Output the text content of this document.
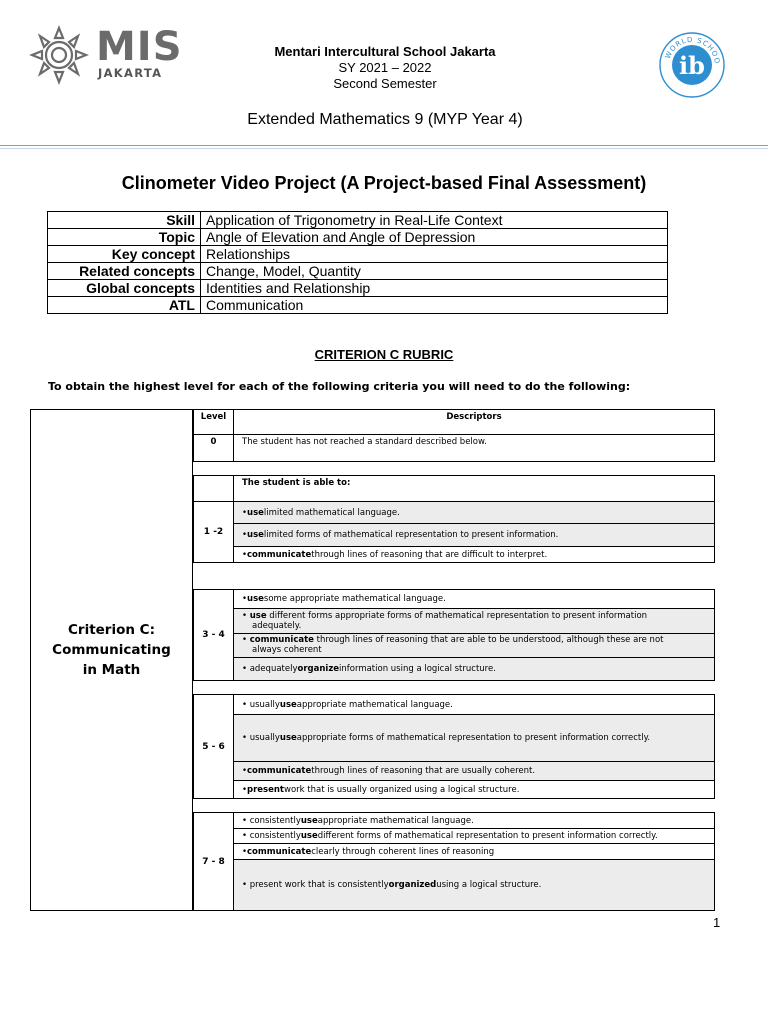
MIS
JAKARTA
Mentari Intercultural School Jakarta
SY 2021 – 2022
Second Semester
WORLD SCHOO
ib
Extended Mathematics 9 (MYP Year 4)
Clinometer Video Project (A Project-based Final Assessment)
Skill	Application of Trigonometry in Real-Life Context
Topic	Angle of Elevation and Angle of Depression
Key concept	Relationships
Related concepts	Change, Model, Quantity
Global concepts	Identities and Relationship
ATL	Communication
CRITERION C RUBRIC
To obtain the highest level for each of the following criteria you will need to do the following:
Criterion C:
Communicating
in Math
Level	Descriptors
0	The student has not reached a standard described below.
The student is able to:
1 -2
• use limited mathematical language.
• use limited forms of mathematical representation to present information.
• communicate through lines of reasoning that are difficult to interpret.
3 - 4
• use some appropriate mathematical language.
• use different forms appropriate forms of mathematical representation to present information
adequately.
• communicate through lines of reasoning that are able to be understood, although these are not
always coherent
• adequately organize information using a logical structure.
5 - 6
• usually use appropriate mathematical language.
• usually use appropriate forms of mathematical representation to present information correctly.
• communicate through lines of reasoning that are usually coherent.
• present work that is usually organized using a logical structure.
7 - 8
• consistently use appropriate mathematical language.
• consistently use different forms of mathematical representation to present information correctly.
• communicate clearly through coherent lines of reasoning
• present work that is consistently organized using a logical structure.
1
